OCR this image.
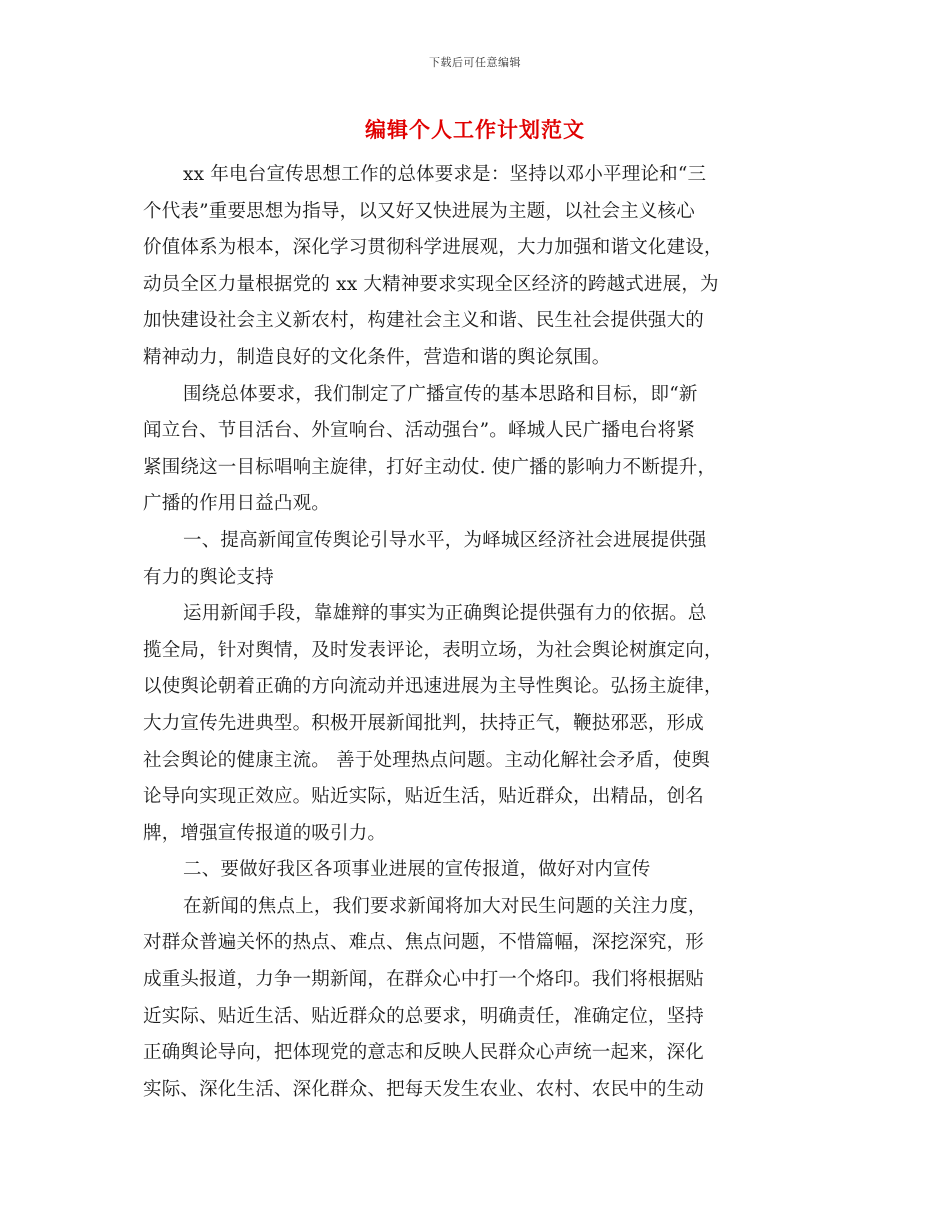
下载后可任意编辑
编辑个人工作计划范文
xx 年电台宣传思想工作的总体要求是：坚持以邓小平理论和“三
个代表”重要思想为指导，以又好又快进展为主题，以社会主义核心
价值体系为根本，深化学习贯彻科学进展观，大力加强和谐文化建设，
动员全区力量根据党的 xx 大精神要求实现全区经济的跨越式进展，为
加快建设社会主义新农村，构建社会主义和谐、民生社会提供强大的
精神动力，制造良好的文化条件，营造和谐的舆论氛围。
围绕总体要求，我们制定了广播宣传的基本思路和目标，即“新
闻立台、节目活台、外宣响台、活动强台”。峄城人民广播电台将紧
紧围绕这一目标唱响主旋律，打好主动仗. 使广播的影响力不断提升，
广播的作用日益凸观。
一、提高新闻宣传舆论引导水平，为峄城区经济社会进展提供强
有力的舆论支持
运用新闻手段，靠雄辩的事实为正确舆论提供强有力的依据。总
揽全局，针对舆情，及时发表评论，表明立场，为社会舆论树旗定向，
以使舆论朝着正确的方向流动并迅速进展为主导性舆论。弘扬主旋律，
大力宣传先进典型。积极开展新闻批判，扶持正气，鞭挞邪恶，形成
社会舆论的健康主流。 善于处理热点问题。主动化解社会矛盾，使舆
论导向实现正效应。贴近实际，贴近生活，贴近群众，出精品，创名
牌，增强宣传报道的吸引力。
二、要做好我区各项事业进展的宣传报道，做好对内宣传
在新闻的焦点上，我们要求新闻将加大对民生问题的关注力度，
对群众普遍关怀的热点、难点、焦点问题，不惜篇幅，深挖深究，形
成重头报道，力争一期新闻，在群众心中打一个烙印。我们将根据贴
近实际、贴近生活、贴近群众的总要求，明确责任，准确定位，坚持
正确舆论导向，把体现党的意志和反映人民群众心声统一起来，深化
实际、深化生活、深化群众、把每天发生农业、农村、农民中的生动
